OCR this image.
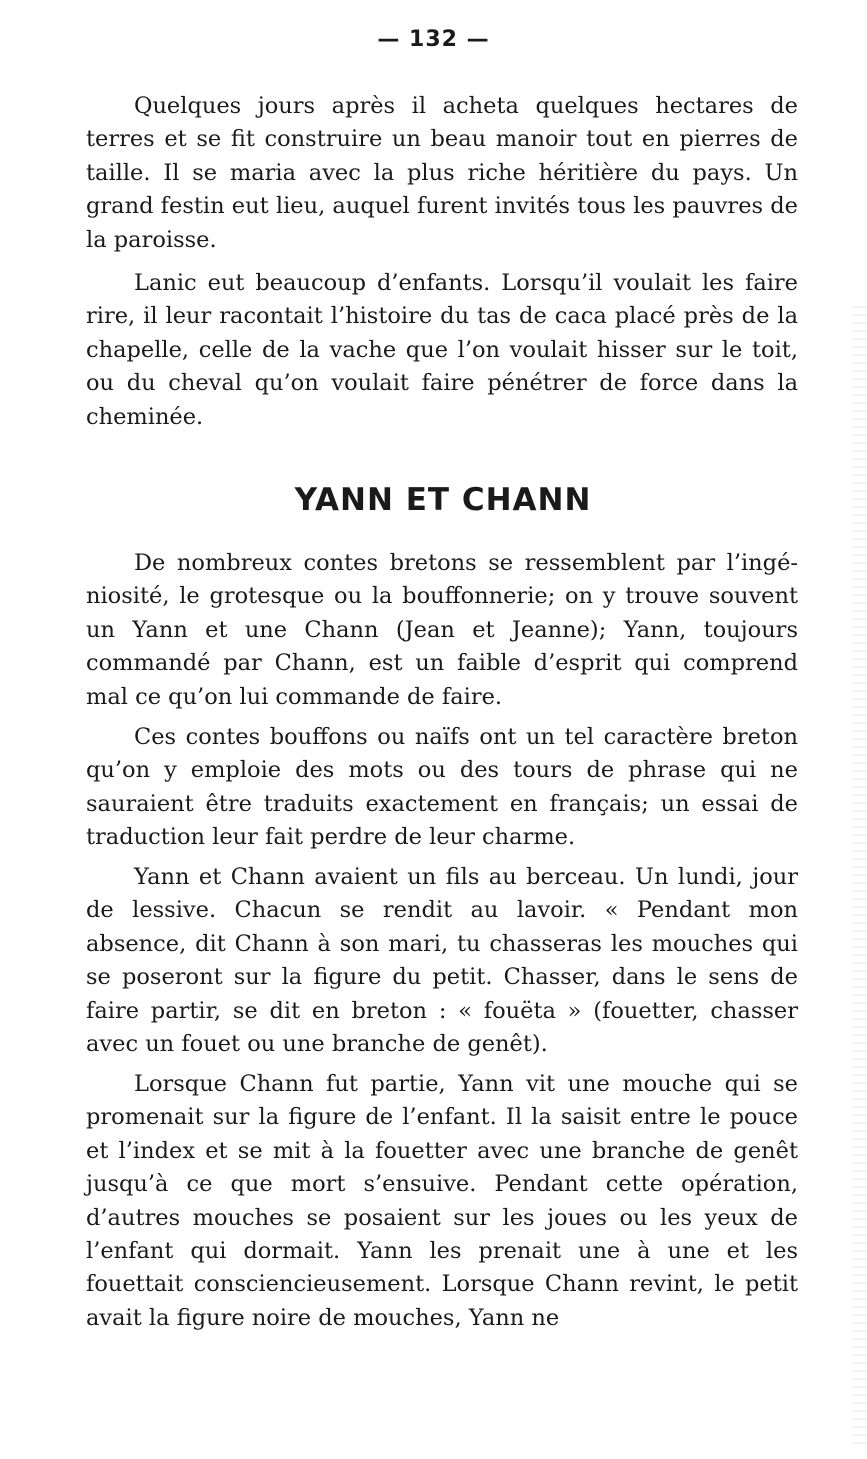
— 132 —

Quelques jours après il acheta quelques hectares de terres et se fit construire un beau manoir tout en pierres de taille. Il se maria avec la plus riche héritière du pays. Un grand festin eut lieu, auquel furent invités tous les pauvres de la paroisse.

Lanic eut beaucoup d’enfants. Lorsqu’il voulait les faire rire, il leur racontait l’histoire du tas de caca placé près de la chapelle, celle de la vache que l’on voulait hisser sur le toit, ou du cheval qu’on voulait faire pénétrer de force dans la cheminée.

YANN ET CHANN

De nombreux contes bretons se ressemblent par l’ingéniosité, le grotesque ou la bouffonnerie; on y trouve souvent un Yann et une Chann (Jean et Jeanne); Yann, toujours commandé par Chann, est un faible d’esprit qui comprend mal ce qu’on lui commande de faire.

Ces contes bouffons ou naïfs ont un tel caractère breton qu’on y emploie des mots ou des tours de phrase qui ne sauraient être traduits exactement en français; un essai de traduction leur fait perdre de leur charme.

Yann et Chann avaient un fils au berceau. Un lundi, jour de lessive. Chacun se rendit au lavoir. « Pendant mon absence, dit Chann à son mari, tu chasseras les mouches qui se poseront sur la figure du petit. Chasser, dans le sens de faire partir, se dit en breton : « fouëta » (fouetter, chasser avec un fouet ou une branche de genêt).

Lorsque Chann fut partie, Yann vit une mouche qui se promenait sur la figure de l’enfant. Il la saisit entre le pouce et l’index et se mit à la fouetter avec une branche de genêt jusqu’à ce que mort s’ensuive. Pendant cette opération, d’autres mouches se posaient sur les joues ou les yeux de l’enfant qui dormait. Yann les prenait une à une et les fouettait consciencieusement. Lorsque Chann revint, le petit avait la figure noire de mouches, Yann ne
